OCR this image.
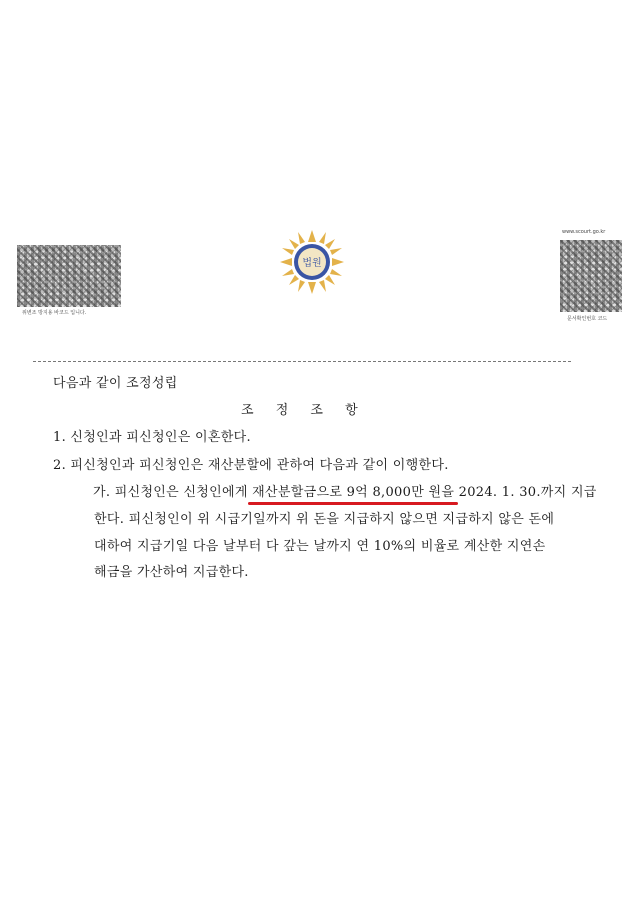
위변조 방지용 바코드 입니다.
www.scourt.go.kr
문서확인번호 코드
법원
다음과 같이 조정성립
조 정 조 항
1. 신청인과 피신청인은 이혼한다.
2. 피신청인과 피신청인은 재산분할에 관하여 다음과 같이 이행한다.
가. 피신청인은 신청인에게 재산분할금으로 9억 8,000만 원을
2024. 1. 30.까지 지급
한다. 피신청인이 위 시급기일까지 위 돈을 지급하지 않으면 지급하지 않은 돈에
대하여 지급기일 다음 날부터 다 갚는 날까지 연 10%의 비율로 계산한 지연손
해금을 가산하여 지급한다.
